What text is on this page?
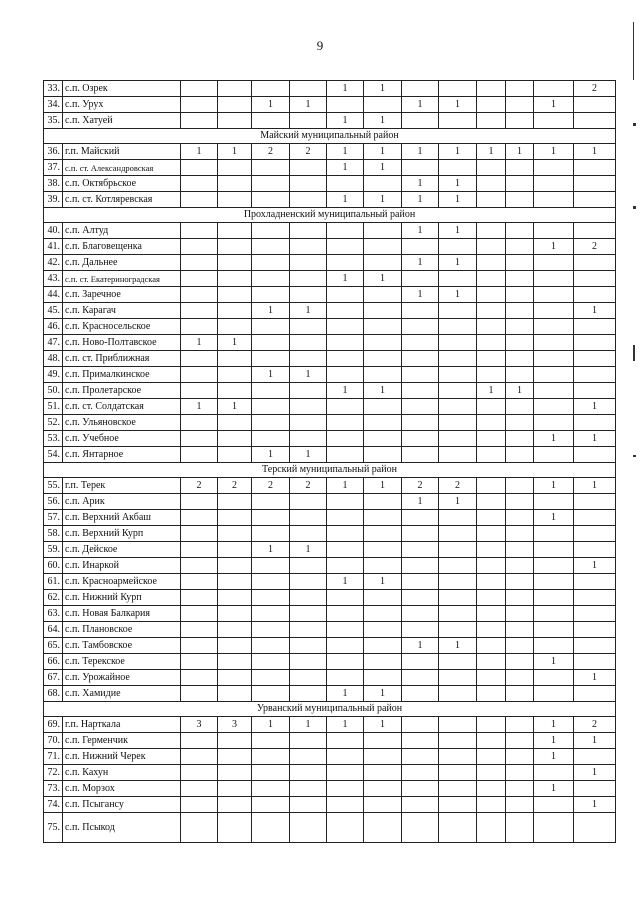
9
33.	с.п. Озрек					1	1						2
34.	с.п. Урух			1	1			1	1			1	
35.	с.п. Хатуей					1	1						
Майский муниципальный район													
36.	г.п. Майский	1	1	2	2	1	1	1	1	1	1	1	1
37.	с.п. ст. Александровская					1	1						
38.	с.п. Октябрьское							1	1				
39.	с.п. ст. Котляревская					1	1	1	1				
Прохладненский муниципальный район													
40.	с.п. Алтуд							1	1				
41.	с.п. Благовещенка											1	2
42.	с.п. Дальнее							1	1				
43.	с.п. ст. Екатериноградская					1	1						
44.	с.п. Заречное							1	1				
45.	с.п. Карагач			1	1								1
46.	с.п. Красносельское												
47.	с.п. Ново-Полтавское	1	1										
48.	с.п. ст. Приближная												
49.	с.п. Прималкинское			1	1								
50.	с.п. Пролетарское					1	1			1	1		
51.	с.п. ст. Солдатская	1	1										1
52.	с.п. Ульяновское												
53.	с.п. Учебное											1	1
54.	с.п. Янтарное			1	1								
Терский муниципальный район													
55.	г.п. Терек	2	2	2	2	1	1	2	2			1	1
56.	с.п. Арик							1	1				
57.	с.п. Верхний Акбаш											1	
58.	с.п. Верхний Курп												
59.	с.п. Дейское			1	1								
60.	с.п. Инаркой												1
61.	с.п. Красноармейское					1	1						
62.	с.п. Нижний Курп												
63.	с.п. Новая Балкария												
64.	с.п. Плановское												
65.	с.п. Тамбовское							1	1				
66.	с.п. Терекское											1	
67.	с.п. Урожайное												1
68.	с.п. Хамидие					1	1						
Урванский муниципальный район													
69.	г.п. Нарткала	3	3	1	1	1	1					1	2
70.	с.п. Герменчик											1	1
71.	с.п. Нижний Черек											1	
72.	с.п. Кахун												1
73.	с.п. Морзох											1	
74.	с.п. Псыгансу												1
75.	с.п. Псыкод												
